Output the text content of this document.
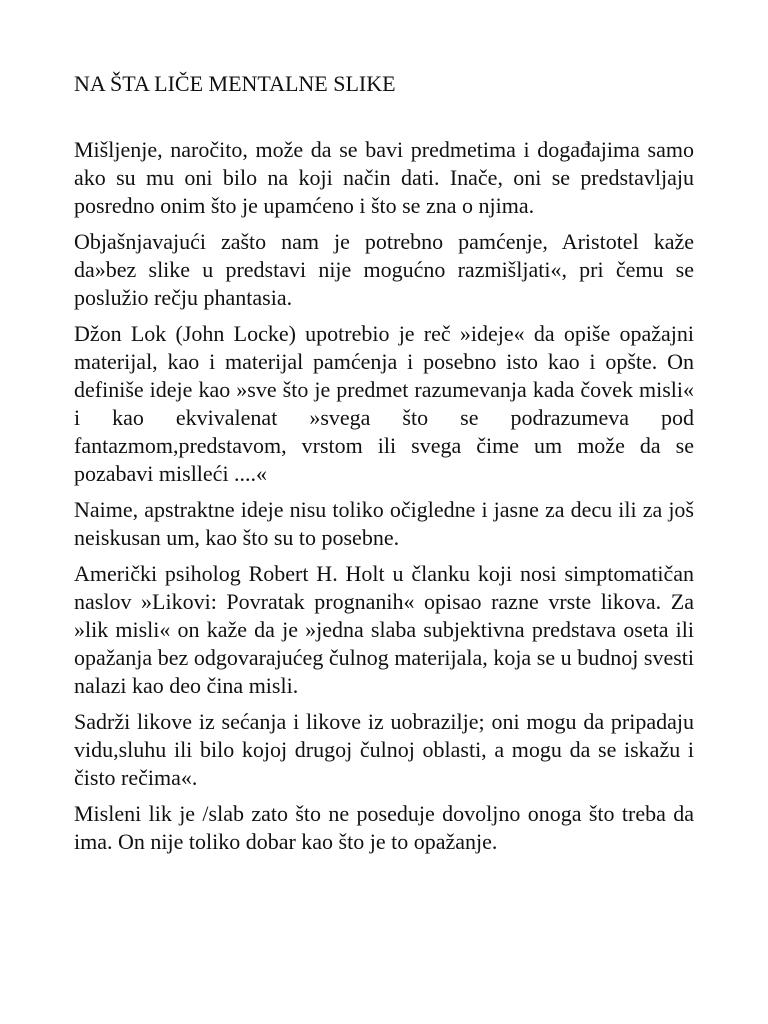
NA ŠTA LIČE MENTALNE SLIKE

Mišljenje, naročito, može da se bavi predmetima i događajima samo ako su mu oni bilo na koji način dati. Inače, oni se predstavljaju posredno onim što je upamćeno i što se zna o njima.

Objašnjavajući zašto nam je potrebno pamćenje, Aristotel kaže da»bez slike u predstavi nije mogućno razmišljati«, pri čemu se poslužio rečju phantasia.

Džon Lok (John Locke) upotrebio je reč »ideje« da opiše opažajni materijal, kao i materijal pamćenja i posebno isto kao i opšte. On definiše ideje kao »sve što je predmet razumevanja kada čovek misli« i kao ekvivalenat »svega što se podrazumeva pod fantazmom,predstavom, vrstom ili svega čime um može da se pozabavi mislleći ....«

Naime, apstraktne ideje nisu toliko očigledne i jasne za decu ili za još neiskusan um, kao što su to posebne.

Američki psiholog Robert H. Holt u članku koji nosi simptomatičan naslov »Likovi: Povratak prognanih« opisao razne vrste likova. Za »lik misli« on kaže da je »jedna slaba subjektivna predstava oseta ili opažanja bez odgovarajućeg čulnog materijala, koja se u budnoj svesti nalazi kao deo čina misli.

Sadrži likove iz sećanja i likove iz uobrazilje; oni mogu da pripadaju vidu,sluhu ili bilo kojoj drugoj čulnoj oblasti, a mogu da se iskažu i čisto rečima«.

Misleni lik je /slab zato što ne poseduje dovoljno onoga što treba da ima. On nije toliko dobar kao što je to opažanje.
